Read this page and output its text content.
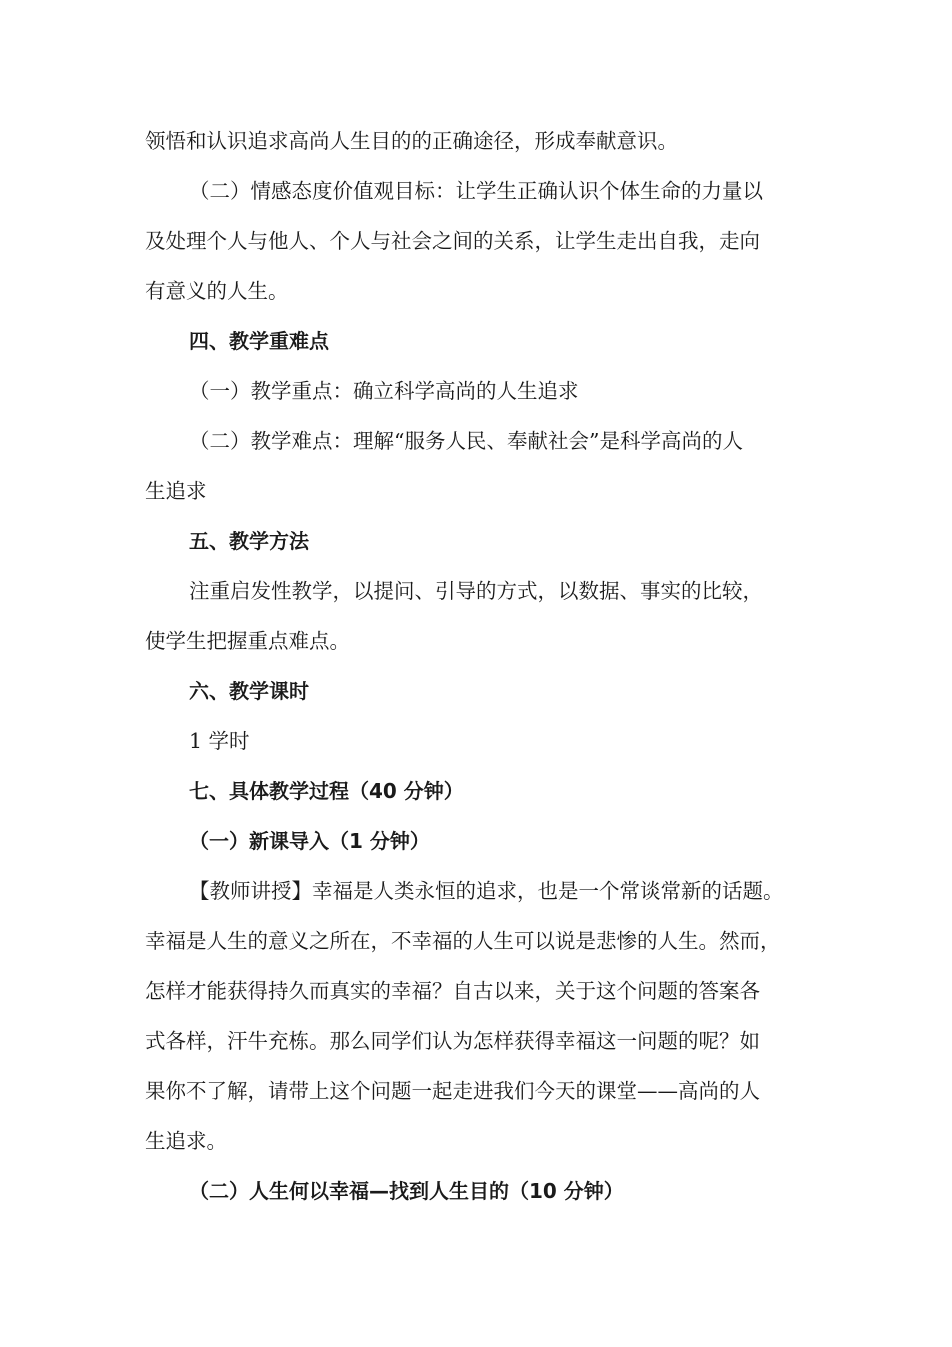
领悟和认识追求高尚人生目的的正确途径，形成奉献意识。
（二）情感态度价值观目标：让学生正确认识个体生命的力量以
及处理个人与他人、个人与社会之间的关系，让学生走出自我，走向
有意义的人生。
四、教学重难点
（一）教学重点：确立科学高尚的人生追求
（二）教学难点：理解“服务人民、奉献社会”是科学高尚的人
生追求
五、教学方法
注重启发性教学，以提问、引导的方式，以数据、事实的比较，
使学生把握重点难点。
六、教学课时
1 学时
七、具体教学过程（40 分钟）
（一）新课导入（1 分钟）
【教师讲授】幸福是人类永恒的追求，也是一个常谈常新的话题。
幸福是人生的意义之所在，不幸福的人生可以说是悲惨的人生。然而，
怎样才能获得持久而真实的幸福？自古以来，关于这个问题的答案各
式各样，汗牛充栋。那么同学们认为怎样获得幸福这一问题的呢？如
果你不了解，请带上这个问题一起走进我们今天的课堂——高尚的人
生追求。
（二）人生何以幸福—找到人生目的（10 分钟）
